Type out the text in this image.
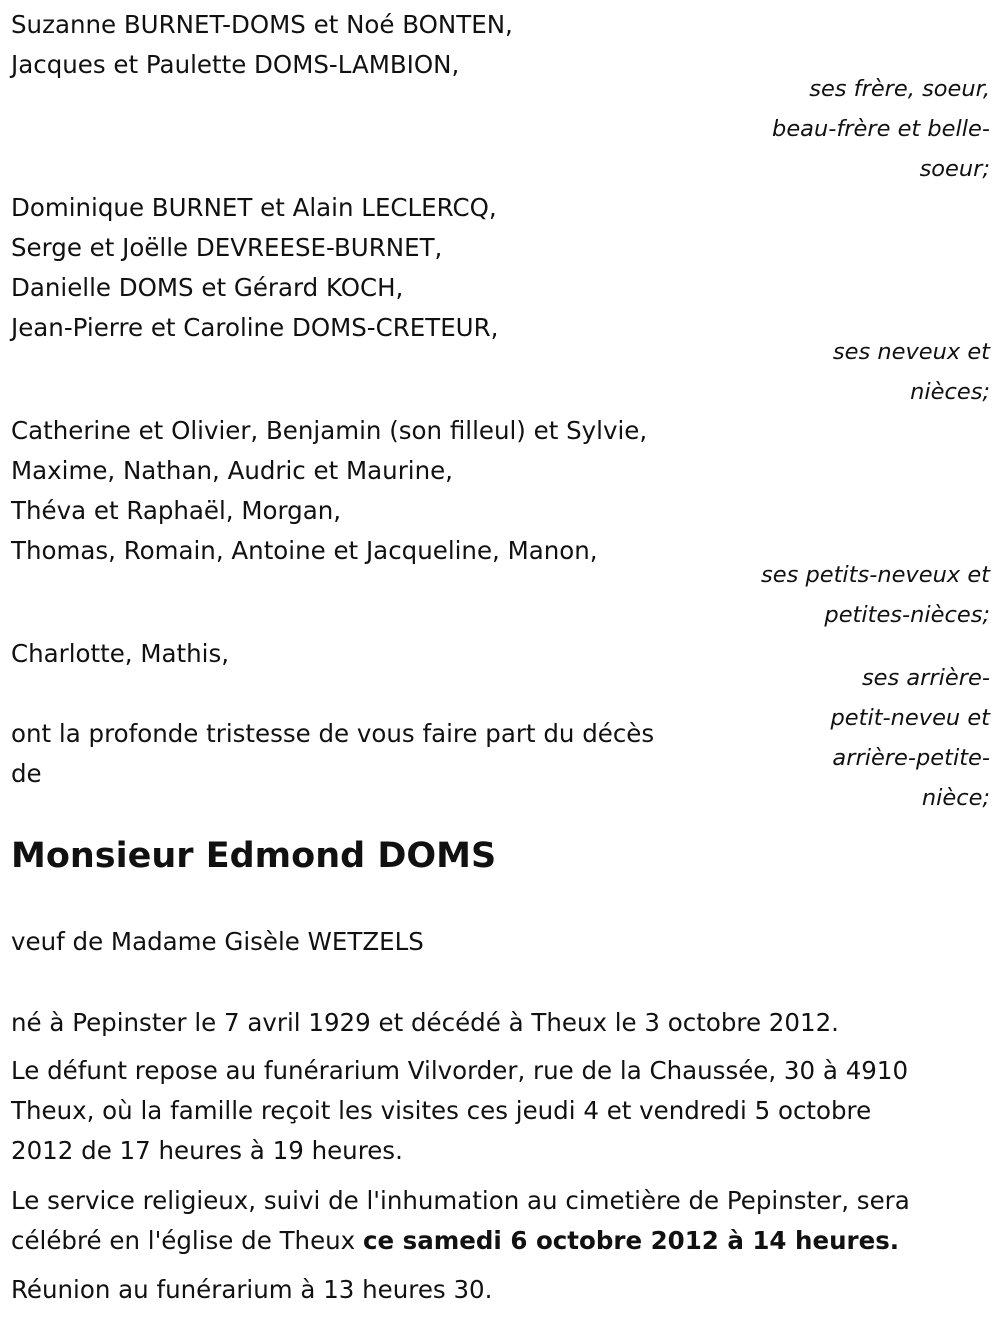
Suzanne BURNET-DOMS et Noé BONTEN,
Jacques et Paulette DOMS-LAMBION,
ses frère, soeur,
beau-frère et belle-
soeur;
Dominique BURNET et Alain LECLERCQ,
Serge et Joëlle DEVREESE-BURNET,
Danielle DOMS et Gérard KOCH,
Jean-Pierre et Caroline DOMS-CRETEUR,
ses neveux et
nièces;
Catherine et Olivier, Benjamin (son filleul) et Sylvie,
Maxime, Nathan, Audric et Maurine,
Théva et Raphaël, Morgan,
Thomas, Romain, Antoine et Jacqueline, Manon,
ses petits-neveux et
petites-nièces;
Charlotte, Mathis,
ses arrière-
petit-neveu et
arrière-petite-
nièce;
ont la profonde tristesse de vous faire part du décès
de
Monsieur Edmond DOMS
veuf de Madame Gisèle WETZELS
né à Pepinster le 7 avril 1929 et décédé à Theux le 3 octobre 2012.
Le défunt repose au funérarium Vilvorder, rue de la Chaussée, 30 à 4910
Theux, où la famille reçoit les visites ces jeudi 4 et vendredi 5 octobre
2012 de 17 heures à 19 heures.
Le service religieux, suivi de l'inhumation au cimetière de Pepinster, sera
célébré en l'église de Theux ce samedi 6 octobre 2012 à 14 heures.
Réunion au funérarium à 13 heures 30.
